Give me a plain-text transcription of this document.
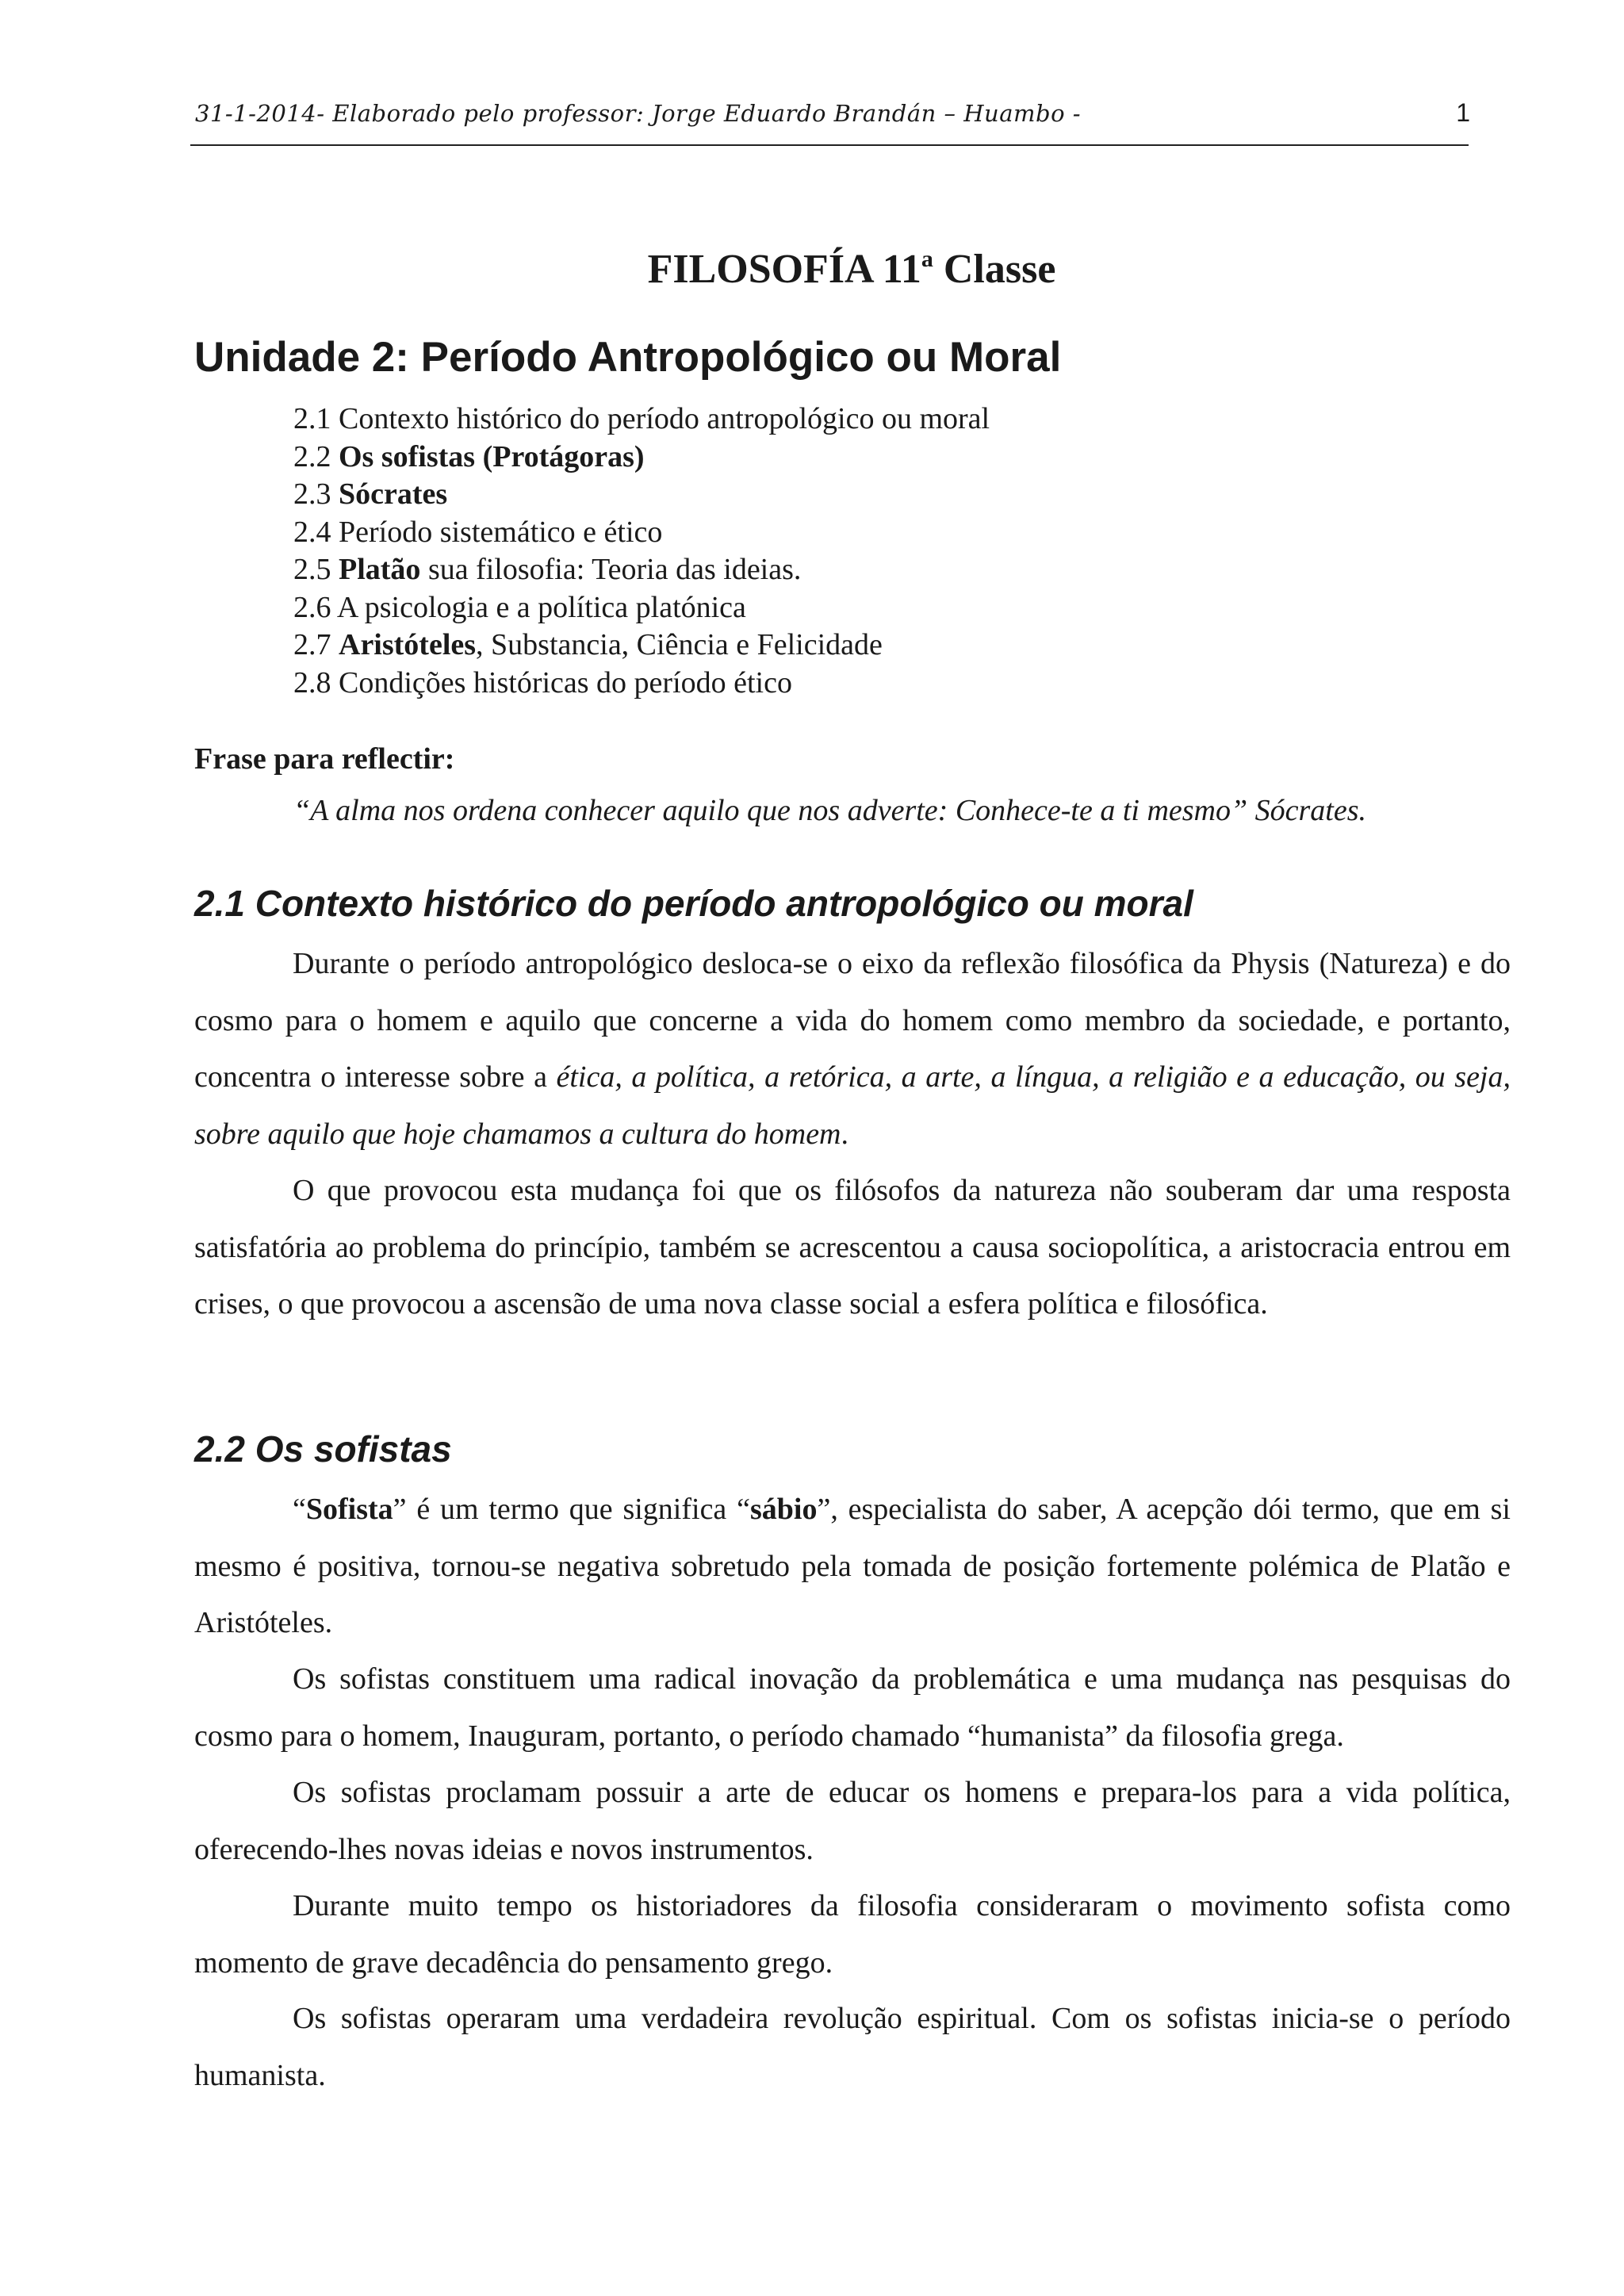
31-1-2014- Elaborado pelo professor: Jorge Eduardo Brandán – Huambo -	1
FILOSOFÍA 11$^a$ Classe
Unidade 2: Período Antropológico ou Moral
2.1 Contexto histórico do período antropológico ou moral
2.2 Os sofistas (Protágoras)
2.3 Sócrates
2.4 Período sistemático e ético
2.5 Platão sua filosofia: Teoria das ideias.
2.6 A psicologia e a política platónica
2.7 Aristóteles, Substancia, Ciência e Felicidade
2.8 Condições históricas do período ético

Frase para reflectir:

“A alma nos ordena conhecer aquilo que nos adverte: Conhece-te a ti mesmo” Sócrates.

2.1 Contexto histórico do período antropológico ou moral

Durante o período antropológico desloca-se o eixo da reflexão filosófica da Physis (Natureza) e do cosmo para o homem e aquilo que concerne a vida do homem como membro da sociedade, e portanto, concentra o interesse sobre a ética, a política, a retórica, a arte, a língua, a religião e a educação, ou seja, sobre aquilo que hoje chamamos a cultura do homem.

O que provocou esta mudança foi que os filósofos da natureza não souberam dar uma resposta satisfatória ao problema do princípio, também se acrescentou a causa sociopolítica, a aristocracia entrou em crises, o que provocou a ascensão de uma nova classe social a esfera política e filosófica.

2.2 Os sofistas

“Sofista” é um termo que significa “sábio”, especialista do saber, A acepção dói termo, que em si mesmo é positiva, tornou-se negativa sobretudo pela tomada de posição fortemente polémica de Platão e Aristóteles.

Os sofistas constituem uma radical inovação da problemática e uma mudança nas pesquisas do cosmo para o homem, Inauguram, portanto, o período chamado “humanista” da filosofia grega.

Os sofistas proclamam possuir a arte de educar os homens e prepara-los para a vida política, oferecendo-lhes novas ideias e novos instrumentos.

Durante muito tempo os historiadores da filosofia consideraram o movimento sofista como momento de grave decadência do pensamento grego.

Os sofistas operaram uma verdadeira revolução espiritual. Com os sofistas inicia-se o período humanista.
